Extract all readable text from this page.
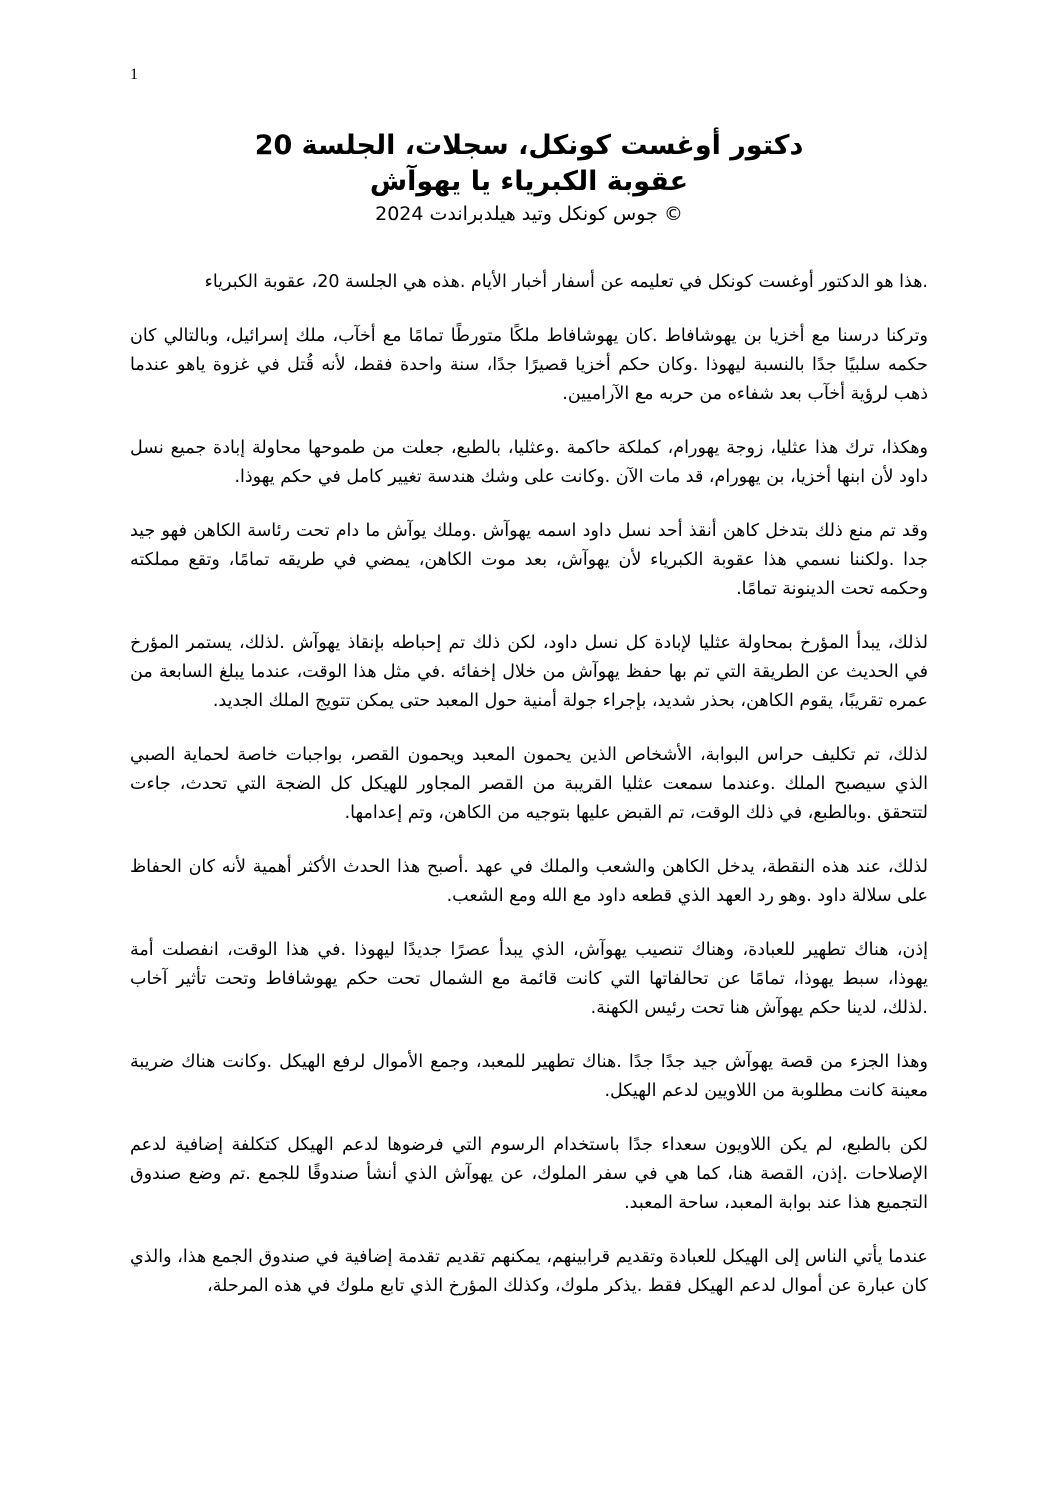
1
دكتور أوغست كونكل، سجلات، الجلسة 20
عقوبة الكبرياء يا يهوآش
جوس كونكل وتيد هيلدبراندت 2024 ©

.هذا هو الدكتور أوغست كونكل في تعليمه عن أسفار أخبار الأيام .هذه هي الجلسة 20، عقوبة الكبرياء

وتركنا درسنا مع أخزيا بن يهوشافاط .كان يهوشافاط ملكًا متورطًا تمامًا مع أخآب، ملك إسرائيل، وبالتالي كان حكمه سلبيًا جدًا بالنسبة ليهوذا .وكان حكم أخزيا قصيرًا جدًا، سنة واحدة فقط، لأنه قُتل في غزوة ياهو عندما ذهب لرؤية أخآب بعد شفاءه من حربه مع الآراميين.

وهكذا، ترك هذا عثليا، زوجة يهورام، كملكة حاكمة .وعثليا، بالطبع، جعلت من طموحها محاولة إبادة جميع نسل داود لأن ابنها أخزيا، بن يهورام، قد مات الآن .وكانت على وشك هندسة تغيير كامل في حكم يهوذا.

وقد تم منع ذلك بتدخل كاهن أنقذ أحد نسل داود اسمه يهوآش .وملك يوآش ما دام تحت رئاسة الكاهن فهو جيد جدا .ولكننا نسمي هذا عقوبة الكبرياء لأن يهوآش، بعد موت الكاهن، يمضي في طريقه تمامًا، وتقع مملكته وحكمه تحت الدينونة تمامًا.

لذلك، يبدأ المؤرخ بمحاولة عثليا لإبادة كل نسل داود، لكن ذلك تم إحباطه بإنقاذ يهوآش .لذلك، يستمر المؤرخ في الحديث عن الطريقة التي تم بها حفظ يهوآش من خلال إخفائه .في مثل هذا الوقت، عندما يبلغ السابعة من عمره تقريبًا، يقوم الكاهن، بحذر شديد، بإجراء جولة أمنية حول المعبد حتى يمكن تتويج الملك الجديد.

لذلك، تم تكليف حراس البوابة، الأشخاص الذين يحمون المعبد ويحمون القصر، بواجبات خاصة لحماية الصبي الذي سيصبح الملك .وعندما سمعت عثليا القريبة من القصر المجاور للهيكل كل الضجة التي تحدث، جاءت لتتحقق .وبالطبع، في ذلك الوقت، تم القبض عليها بتوجيه من الكاهن، وتم إعدامها.

لذلك، عند هذه النقطة، يدخل الكاهن والشعب والملك في عهد .أصبح هذا الحدث الأكثر أهمية لأنه كان الحفاظ على سلالة داود .وهو رد العهد الذي قطعه داود مع الله ومع الشعب.

إذن، هناك تطهير للعبادة، وهناك تنصيب يهوآش، الذي يبدأ عصرًا جديدًا ليهوذا .في هذا الوقت، انفصلت أمة يهوذا، سبط يهوذا، تمامًا عن تحالفاتها التي كانت قائمة مع الشمال تحت حكم يهوشافاط وتحت تأثير آخاب .لذلك، لدينا حكم يهوآش هنا تحت رئيس الكهنة.

وهذا الجزء من قصة يهوآش جيد جدًا جدًا .هناك تطهير للمعبد، وجمع الأموال لرفع الهيكل .وكانت هناك ضريبة معينة كانت مطلوبة من اللاويين لدعم الهيكل.

لكن بالطبع، لم يكن اللاويون سعداء جدًا باستخدام الرسوم التي فرضوها لدعم الهيكل كتكلفة إضافية لدعم الإصلاحات .إذن، القصة هنا، كما هي في سفر الملوك، عن يهوآش الذي أنشأ صندوقًا للجمع .تم وضع صندوق التجميع هذا عند بوابة المعبد، ساحة المعبد.

عندما يأتي الناس إلى الهيكل للعبادة وتقديم قرابينهم، يمكنهم تقديم تقدمة إضافية في صندوق الجمع هذا، والذي كان عبارة عن أموال لدعم الهيكل فقط .يذكر ملوك، وكذلك المؤرخ الذي تابع ملوك في هذه المرحلة،
